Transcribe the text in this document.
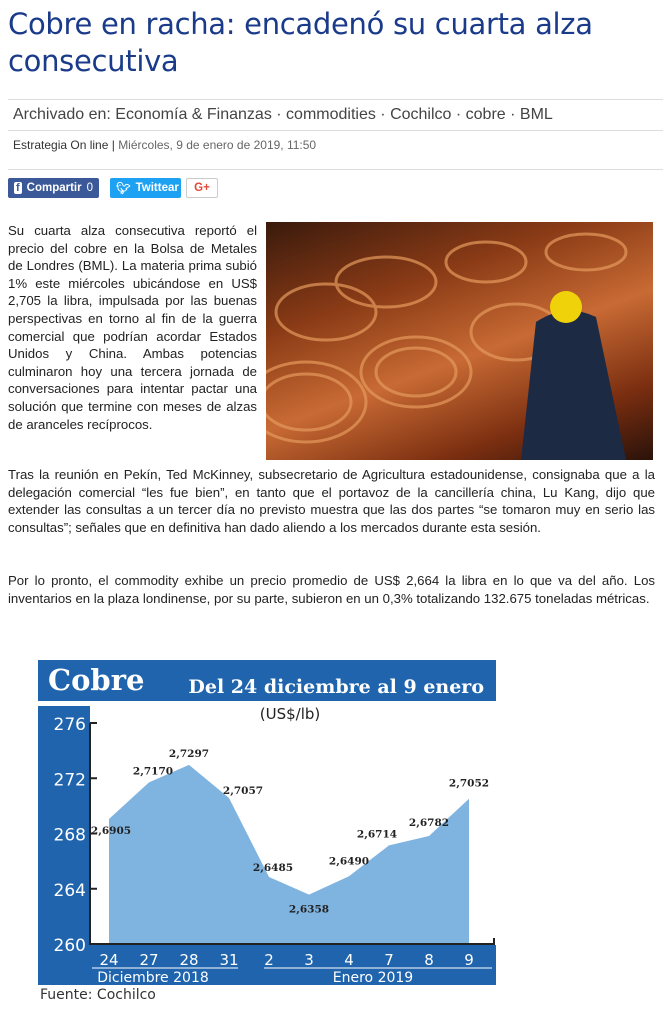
Cobre en racha: encadenó su cuarta alza consecutiva
Archivado en: Economía & Finanzas · commodities · Cochilco · cobre · BML
Estrategia On line | Miércoles, 9 de enero de 2019, 11:50
f Compartir 0 🐦︎ Twittear G+

Su cuarta alza consecutiva reportó el precio del cobre en la Bolsa de Metales de Londres (BML). La materia prima subió 1% este miércoles ubicándose en US$ 2,705 la libra, impulsada por las buenas perspectivas en torno al fin de la guerra comercial que podrían acordar Estados Unidos y China. Ambas potencias culminaron hoy una tercera jornada de conversaciones para intentar pactar una solución que termine con meses de alzas de aranceles recíprocos.

Tras la reunión en Pekín, Ted McKinney, subsecretario de Agricultura estadounidense, consignaba que a la delegación comercial “les fue bien”, en tanto que el portavoz de la cancillería china, Lu Kang, dijo que extender las consultas a un tercer día no previsto muestra que las dos partes “se tomaron muy en serio las consultas”; señales que en definitiva han dado aliendo a los mercados durante esta sesión.

Por lo pronto, el commodity exhibe un precio promedio de US$ 2,664 la libra en lo que va del año. Los inventarios en la plaza londinense, por su parte, subieron en un 0,3% totalizando 132.675 toneladas métricas.

Cobre Del 24 diciembre al 9 enero
(US$/lb)
276
272
268
264
260
2,6905
24
2,7170
27
2,7297
28
2,7057
31
2,6485
2
2,6358
3
2,6490
4
2,6714
7
2,6782
8
2,7052
9
Diciembre 2018	Enero 2019
Fuente: Cochilco
